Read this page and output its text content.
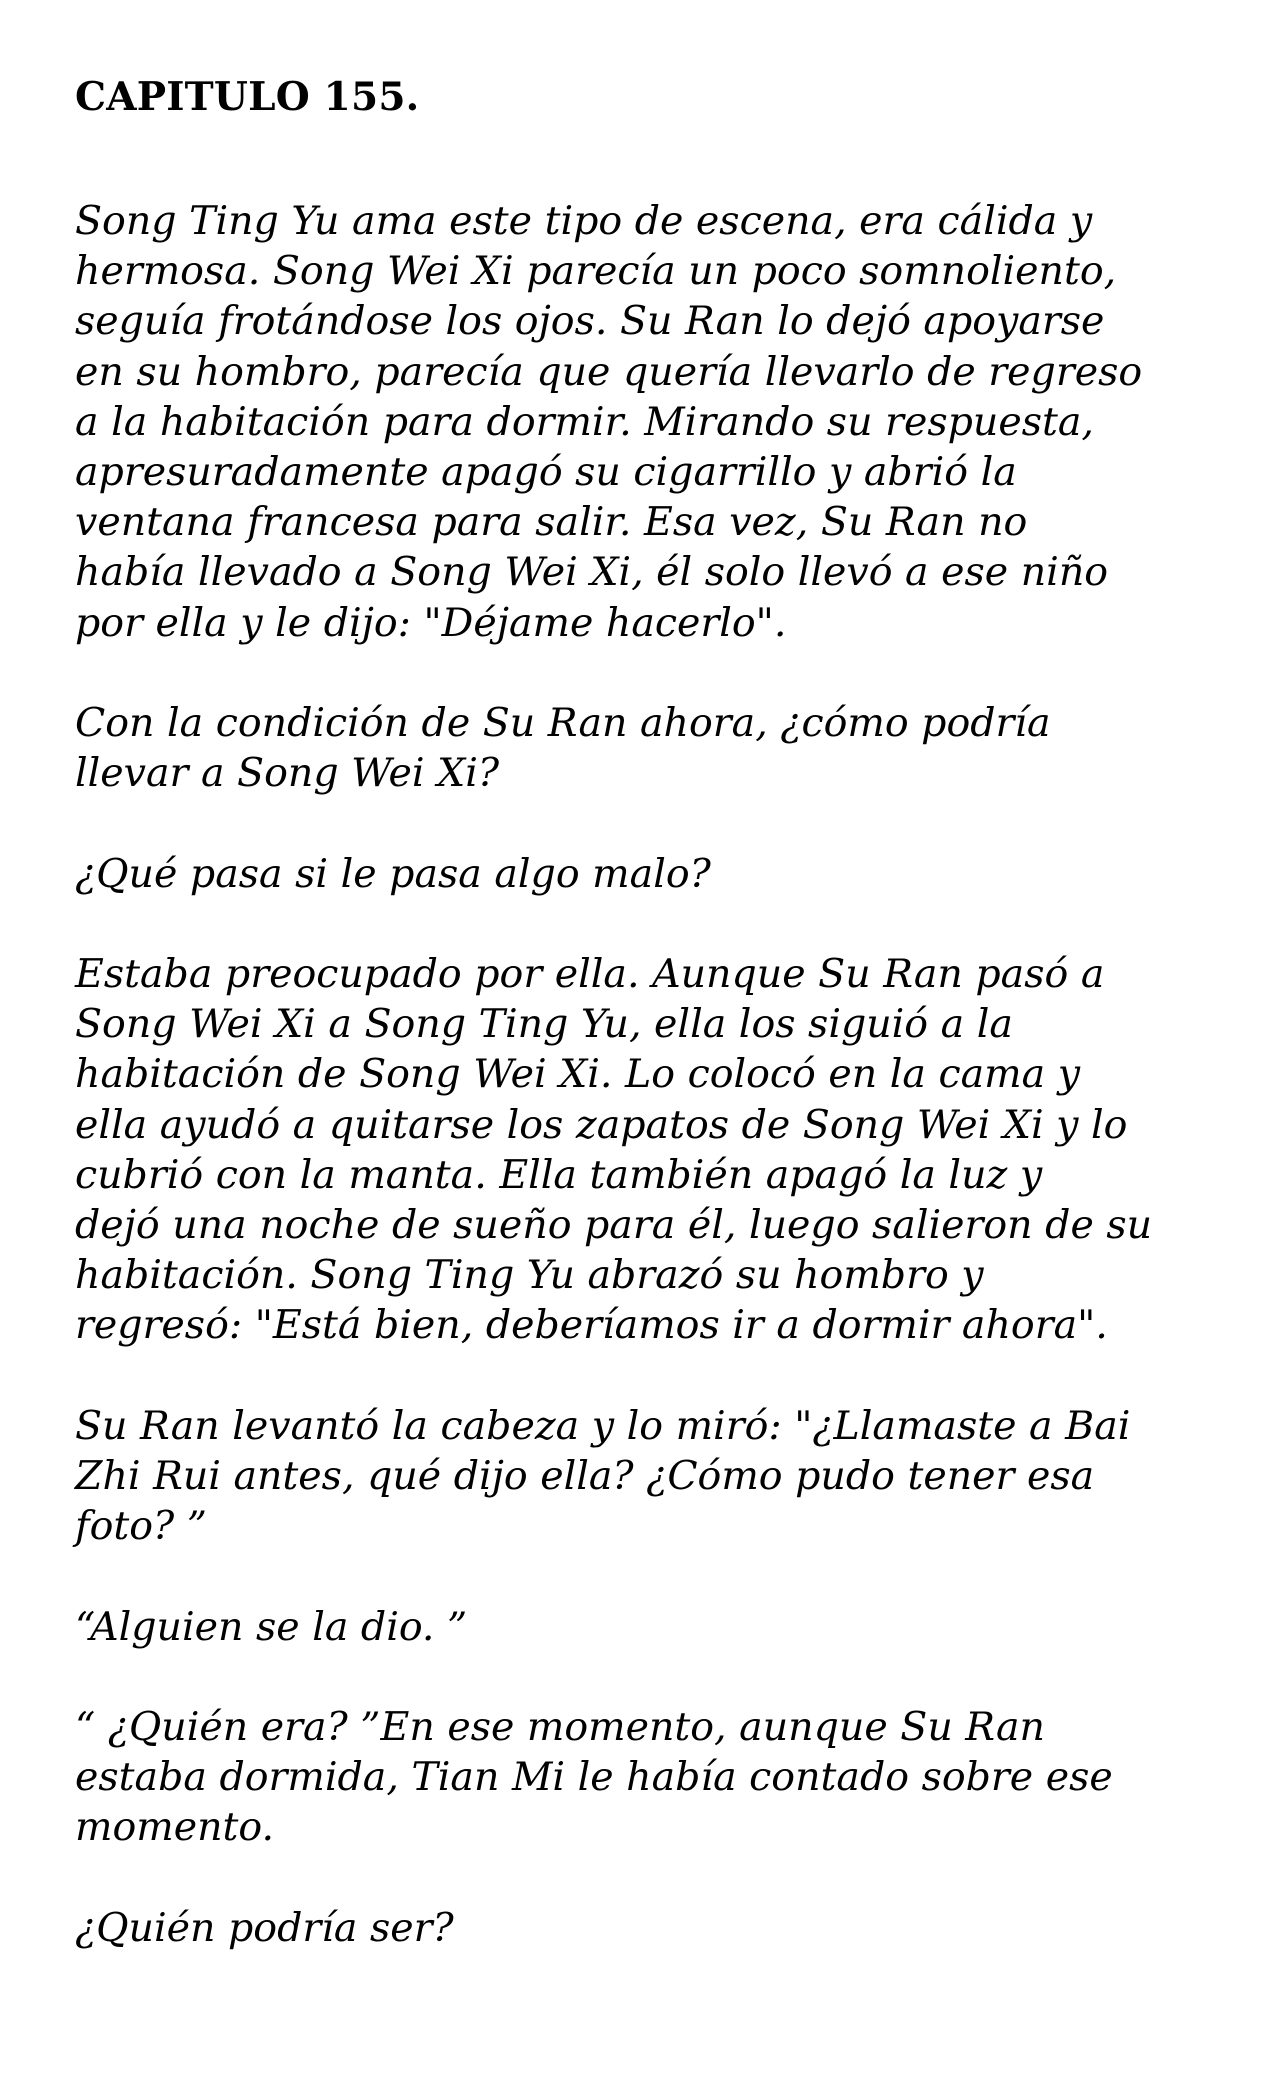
CAPITULO 155.

Song Ting Yu ama este tipo de escena, era cálida y
hermosa. Song Wei Xi parecía un poco somnoliento,
seguía frotándose los ojos. Su Ran lo dejó apoyarse
en su hombro, parecía que quería llevarlo de regreso
a la habitación para dormir. Mirando su respuesta,
apresuradamente apagó su cigarrillo y abrió la
ventana francesa para salir. Esa vez, Su Ran no
había llevado a Song Wei Xi, él solo llevó a ese niño
por ella y le dijo: "Déjame hacerlo".

Con la condición de Su Ran ahora, ¿cómo podría
llevar a Song Wei Xi?

¿Qué pasa si le pasa algo malo?

Estaba preocupado por ella. Aunque Su Ran pasó a
Song Wei Xi a Song Ting Yu, ella los siguió a la
habitación de Song Wei Xi. Lo colocó en la cama y
ella ayudó a quitarse los zapatos de Song Wei Xi y lo
cubrió con la manta. Ella también apagó la luz y
dejó una noche de sueño para él, luego salieron de su
habitación. Song Ting Yu abrazó su hombro y
regresó: "Está bien, deberíamos ir a dormir ahora".

Su Ran levantó la cabeza y lo miró: "¿Llamaste a Bai
Zhi Rui antes, qué dijo ella? ¿Cómo pudo tener esa
foto? ”

“Alguien se la dio. ”

“ ¿Quién era? ”En ese momento, aunque Su Ran
estaba dormida, Tian Mi le había contado sobre ese
momento.

¿Quién podría ser?
